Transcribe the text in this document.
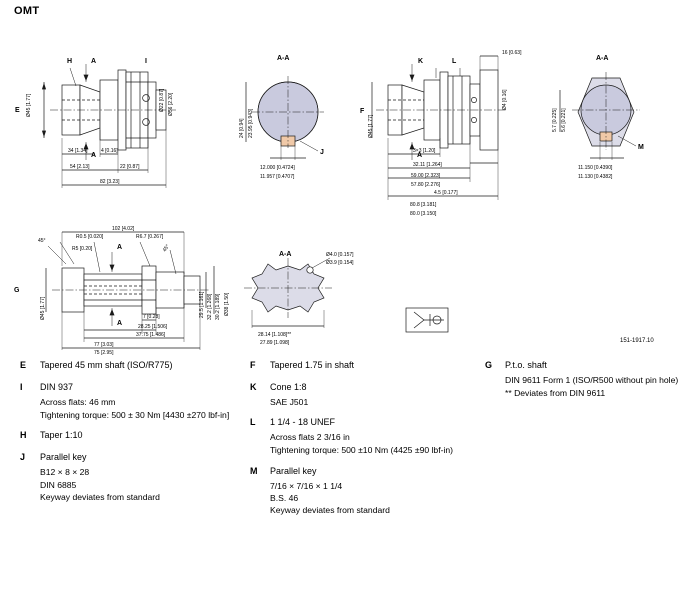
OMT
H	A
A
I
E Ø45 [1.77]	Ø22 [0.87] Ø56 [2.20]
34 [1.34]	4 [0.16]
54 [2.13]	22 [0.87]
82 [3.23]
A-A
24 [0.94] 23.95 [0.943]
12.000 [0.4724]
11.957 [0.4707]
J
K	L
F
Ø45 [1.77]
Ø4 [0.16]
16 [0.63]
3×3 [1.20]
32.11 [1.264]
59.00 [2.323]
57.80 [2.276]
4.5 [0.177]
80.8 [3.181]
80.0 [3.150]
A
A-A
5.7 [0.225] 5.6 [0.221]
11.150 [0.4390]
11.130 [0.4382]
M
G
45°
45°
R0.5 [0.020]	R6.7 [0.267]
R5 [0.20]
102 [4.02]
Ø45 [1.77]	29.5 [1.161] 32.2 [1.268] 30.2 [1.189] Ø38 [1.50]
7 [0.28]
28.25 [1.506]
37.75 [1.486]
77 [3.03]
75 [2.95]
A
A
A-A	Ø4.0 [0.157]
Ø3.9 [0.154]
28.14 [1.108]**
27.89 [1.098]	151-1917.10
E Tapered 45 mm shaft (ISO/R775)
I DIN 937
Across flats: 46 mm
Tightening torque: 500 ± 30 Nm [4430 ±270 lbf-in]
H Taper 1:10
J Parallel key
B12 × 8 × 28
DIN 6885
Keyway deviates from standard
F Tapered 1.75 in shaft
K Cone 1:8
SAE J501
L 1 1/4 - 18 UNEF
Across flats 2 3/16 in
Tightening torque: 500 ±10 Nm (4425 ±90 lbf-in)
M Parallel key
7/16 × 7/16 × 1 1/4
B.S. 46
Keyway deviates from standard
G P.t.o. shaft
DIN 9611 Form 1 (ISO/R500 without pin hole)
** Deviates from DIN 9611
